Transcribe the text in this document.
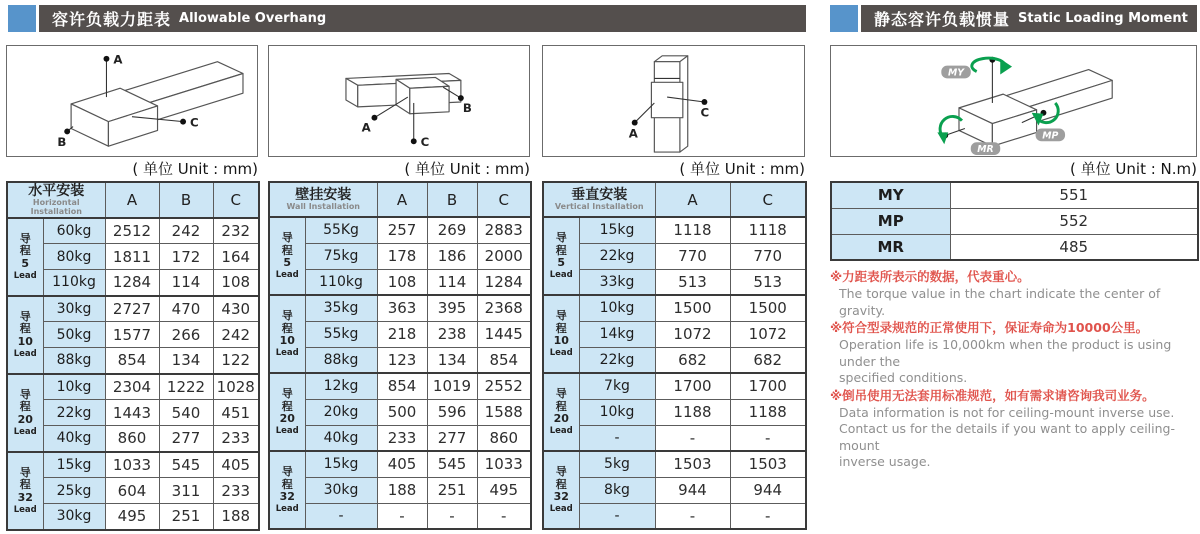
容许负载力距表 Allowable Overhang	静态容许负载惯量 Static Loading Moment
A
B
C	A
B
C
A
C
MY
MP
MR
( 单位 Unit : mm)	( 单位 Unit : mm)	( 单位 Unit : mm)	( 单位 Unit : N.m)
水平安装
Horizontal Installation		A	B	C

导
程
5
Lead	60kg	2512	242	232
	80kg	1811	172	164
	110kg	1284	114	108

导
程
10
Lead	30kg	2727	470	430
	50kg	1577	266	242
	88kg	854	134	122

导
程
20
Lead	10kg	2304	1222	1028
	22kg	1443	540	451
	40kg	860	277	233

导
程
32
Lead	15kg	1033	545	405
	25kg	604	311	233
	30kg	495	251	188
壁挂安装
Wall Installation		A	B	C

导
程
5
Lead	55Kg	257	269	2883
	75kg	178	186	2000
	110kg	108	114	1284

导
程
10
Lead	35kg	363	395	2368
	55kg	218	238	1445
	88kg	123	134	854

导
程
20
Lead	12kg	854	1019	2552
	20kg	500	596	1588
	40kg	233	277	860

导
程
32
Lead	15kg	405	545	1033
	30kg	188	251	495
	-	-	-	-
垂直安装
Vertical Installation		A	C

导
程
5
Lead	15kg	1118	1118
	22kg	770	770
	33kg	513	513

导
程
10
Lead	10kg	1500	1500
	14kg	1072	1072
	22kg	682	682

导
程
20
Lead	7kg	1700	1700
	10kg	1188	1188
	-	-	-

导
程
32
Lead	5kg	1503	1503
	8kg	944	944
	-	-	-
MY	551
MP	552
MR	485
※力距表所表示的数据，代表重心。
The torque value in the chart indicate the center of gravity.
※符合型录规范的正常使用下，保证寿命为10000公里。
Operation life is 10,000km when the product is using under the
specified conditions.
※倒吊使用无法套用标准规范，如有需求请咨询我司业务。
Data information is not for ceiling-mount inverse use.
Contact us for the details if you want to apply ceiling-mount
inverse usage.
